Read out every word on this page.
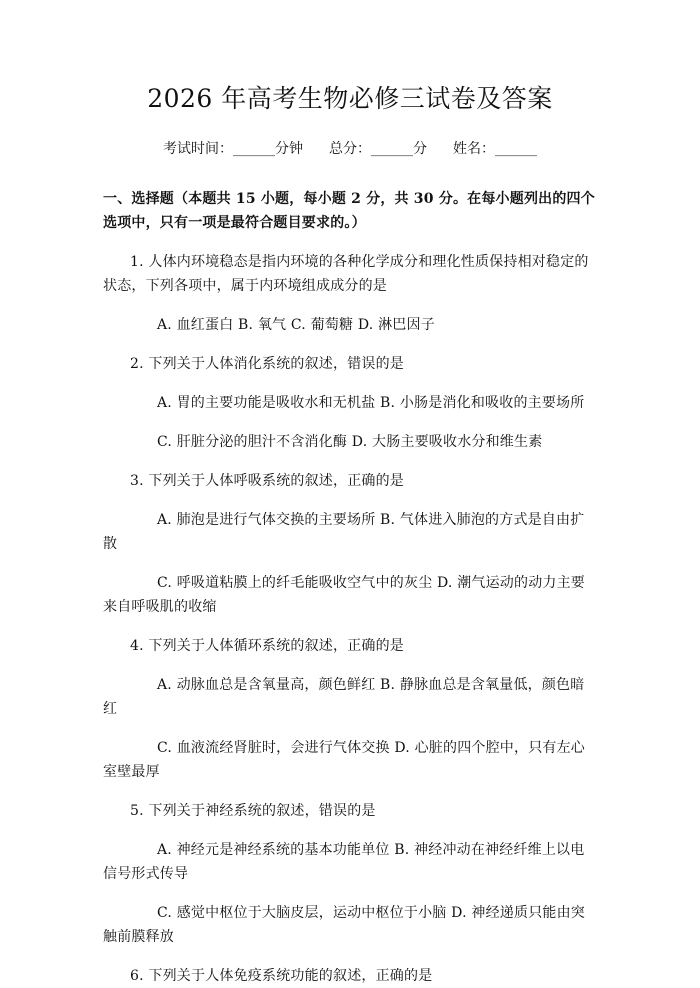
2026 年高考生物必修三试卷及答案
考试时间：______分钟 总分：______分 姓名：______
一、选择题（本题共 15 小题，每小题 2 分，共 30 分。在每小题列出的四个选项中，只有一项是最符合题目要求的。）
1. 人体内环境稳态是指内环境的各种化学成分和理化性质保持相对稳定的状态，下列各项中，属于内环境组成成分的是
A. 血红蛋白 B. 氧气 C. 葡萄糖 D. 淋巴因子
2. 下列关于人体消化系统的叙述，错误的是
A. 胃的主要功能是吸收水和无机盐 B. 小肠是消化和吸收的主要场所
C. 肝脏分泌的胆汁不含消化酶 D. 大肠主要吸收水分和维生素
3. 下列关于人体呼吸系统的叙述，正确的是
A. 肺泡是进行气体交换的主要场所 B. 气体进入肺泡的方式是自由扩散
C. 呼吸道粘膜上的纤毛能吸收空气中的灰尘 D. 潮气运动的动力主要来自呼吸肌的收缩
4. 下列关于人体循环系统的叙述，正确的是
A. 动脉血总是含氧量高，颜色鲜红 B. 静脉血总是含氧量低，颜色暗红
C. 血液流经肾脏时，会进行气体交换 D. 心脏的四个腔中，只有左心室壁最厚
5. 下列关于神经系统的叙述，错误的是
A. 神经元是神经系统的基本功能单位 B. 神经冲动在神经纤维上以电信号形式传导
C. 感觉中枢位于大脑皮层，运动中枢位于小脑 D. 神经递质只能由突触前膜释放
6. 下列关于人体免疫系统功能的叙述，正确的是
